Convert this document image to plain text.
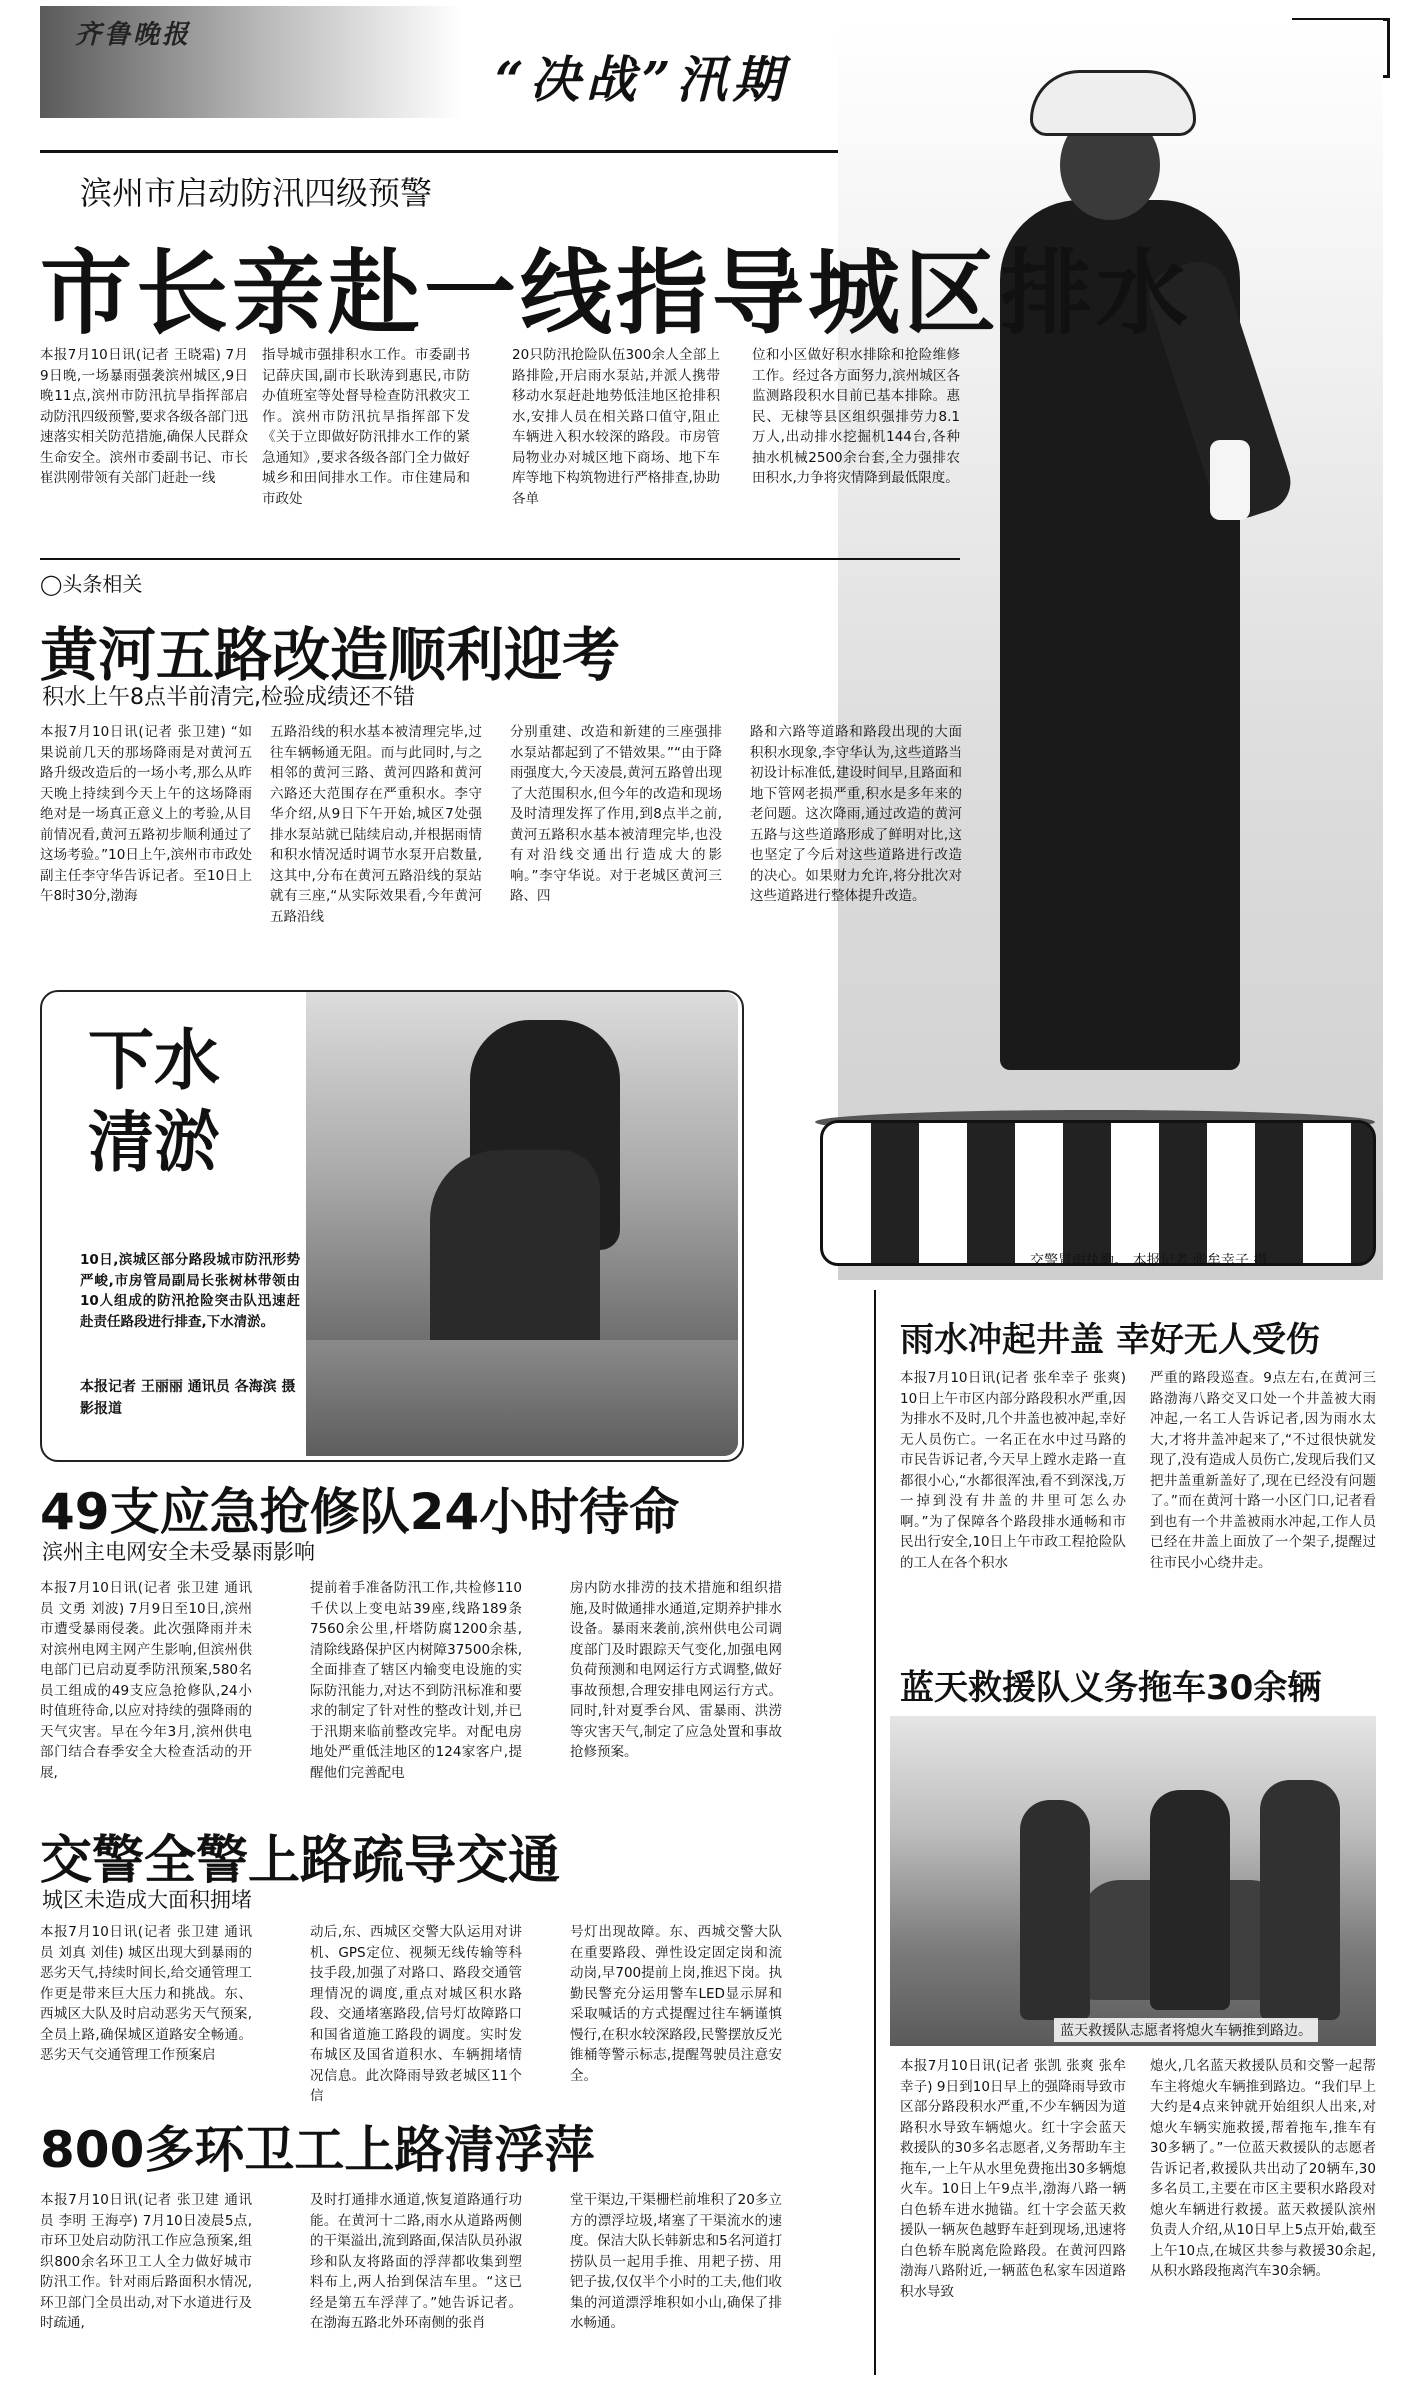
齐鲁晚报
“决战”汛期
交警冒雨执勤。 本报记者 张牟幸子 摄
滨州市启动防汛四级预警
市长亲赴一线指导城区排水
本报7月10日讯(记者 王晓霜) 7月9日晚,一场暴雨强袭滨州城区,9日晚11点,滨州市防汛抗旱指挥部启动防汛四级预警,要求各级各部门迅速落实相关防范措施,确保人民群众生命安全。滨州市委副书记、市长崔洪刚带领有关部门赶赴一线
指导城市强排积水工作。市委副书记薛庆国,副市长耿涛到惠民,市防办值班室等处督导检查防汛救灾工作。滨州市防汛抗旱指挥部下发《关于立即做好防汛排水工作的紧急通知》,要求各级各部门全力做好城乡和田间排水工作。市住建局和市政处
20只防汛抢险队伍300余人全部上路排险,开启雨水泵站,并派人携带移动水泵赶赴地势低洼地区抢排积水,安排人员在相关路口值守,阻止车辆进入积水较深的路段。市房管局物业办对城区地下商场、地下车库等地下构筑物进行严格排查,协助各单
位和小区做好积水排除和抢险维修工作。经过各方面努力,滨州城区各监测路段积水目前已基本排除。惠民、无棣等县区组织强排劳力8.1万人,出动排水挖掘机144台,各种抽水机械2500余台套,全力强排农田积水,力争将灾情降到最低限度。
◯头条相关
黄河五路改造顺利迎考
积水上午8点半前清完,检验成绩还不错
本报7月10日讯(记者 张卫建) “如果说前几天的那场降雨是对黄河五路升级改造后的一场小考,那么从昨天晚上持续到今天上午的这场降雨绝对是一场真正意义上的考验,从目前情况看,黄河五路初步顺利通过了这场考验。”10日上午,滨州市市政处副主任李守华告诉记者。至10日上午8时30分,渤海
五路沿线的积水基本被清理完毕,过往车辆畅通无阻。而与此同时,与之相邻的黄河三路、黄河四路和黄河六路还大范围存在严重积水。李守华介绍,从9日下午开始,城区7处强排水泵站就已陆续启动,并根据雨情和积水情况适时调节水泵开启数量,这其中,分布在黄河五路沿线的泵站就有三座,“从实际效果看,今年黄河五路沿线
分别重建、改造和新建的三座强排水泵站都起到了不错效果。”“由于降雨强度大,今天凌晨,黄河五路曾出现了大范围积水,但今年的改造和现场及时清理发挥了作用,到8点半之前,黄河五路积水基本被清理完毕,也没有对沿线交通出行造成大的影响。”李守华说。对于老城区黄河三路、四
路和六路等道路和路段出现的大面积积水现象,李守华认为,这些道路当初设计标准低,建设时间早,且路面和地下管网老损严重,积水是多年来的老问题。这次降雨,通过改造的黄河五路与这些道路形成了鲜明对比,这也坚定了今后对这些道路进行改造的决心。如果财力允许,将分批次对这些道路进行整体提升改造。
下水
清淤
10日,滨城区部分路段城市防汛形势严峻,市房管局副局长张树林带领由10人组成的防汛抢险突击队迅速赶赴责任路段进行排查,下水清淤。
本报记者 王丽丽 通讯员 各海滨 摄影报道
49支应急抢修队24小时待命
滨州主电网安全未受暴雨影响
本报7月10日讯(记者 张卫建 通讯员 文勇 刘波) 7月9日至10日,滨州市遭受暴雨侵袭。此次强降雨并未对滨州电网主网产生影响,但滨州供电部门已启动夏季防汛预案,580名员工组成的49支应急抢修队,24小时值班待命,以应对持续的强降雨的天气灾害。早在今年3月,滨州供电部门结合春季安全大检查活动的开展,
提前着手准备防汛工作,共检修110千伏以上变电站39座,线路189条7560余公里,杆塔防腐1200余基,清除线路保护区内树障37500余株,全面排查了辖区内输变电设施的实际防汛能力,对达不到防汛标准和要求的制定了针对性的整改计划,并已于汛期来临前整改完毕。对配电房地处严重低洼地区的124家客户,提醒他们完善配电
房内防水排涝的技术措施和组织措施,及时做通排水通道,定期养护排水设备。暴雨来袭前,滨州供电公司调度部门及时跟踪天气变化,加强电网负荷预测和电网运行方式调整,做好事故预想,合理安排电网运行方式。同时,针对夏季台风、雷暴雨、洪涝等灾害天气,制定了应急处置和事故抢修预案。
交警全警上路疏导交通
城区未造成大面积拥堵
本报7月10日讯(记者 张卫建 通讯员 刘真 刘佳) 城区出现大到暴雨的恶劣天气,持续时间长,给交通管理工作更是带来巨大压力和挑战。东、西城区大队及时启动恶劣天气预案,全员上路,确保城区道路安全畅通。恶劣天气交通管理工作预案启
动后,东、西城区交警大队运用对讲机、GPS定位、视频无线传输等科技手段,加强了对路口、路段交通管理情况的调度,重点对城区积水路段、交通堵塞路段,信号灯故障路口和国省道施工路段的调度。实时发布城区及国省道积水、车辆拥堵情况信息。此次降雨导致老城区11个信
号灯出现故障。东、西城交警大队在重要路段、弹性设定固定岗和流动岗,早700提前上岗,推迟下岗。执勤民警充分运用警车LED显示屏和采取喊话的方式提醒过往车辆谨慎慢行,在积水较深路段,民警摆放反光锥桶等警示标志,提醒驾驶员注意安全。
800多环卫工上路清浮萍
本报7月10日讯(记者 张卫建 通讯员 李明 王海亭) 7月10日凌晨5点,市环卫处启动防汛工作应急预案,组织800余名环卫工人全力做好城市防汛工作。针对雨后路面积水情况,环卫部门全员出动,对下水道进行及时疏通,
及时打通排水通道,恢复道路通行功能。在黄河十二路,雨水从道路两侧的干渠溢出,流到路面,保洁队员孙淑珍和队友将路面的浮萍都收集到塑料布上,两人抬到保洁车里。“这已经是第五车浮萍了。”她告诉记者。在渤海五路北外环南侧的张肖
堂干渠边,干渠栅栏前堆积了20多立方的漂浮垃圾,堵塞了干渠流水的速度。保洁大队长韩新忠和5名河道打捞队员一起用手推、用耙子捞、用钯子拔,仅仅半个小时的工夫,他们收集的河道漂浮堆积如小山,确保了排水畅通。
雨水冲起井盖 幸好无人受伤
本报7月10日讯(记者 张牟幸子 张爽) 10日上午市区内部分路段积水严重,因为排水不及时,几个井盖也被冲起,幸好无人员伤亡。一名正在水中过马路的市民告诉记者,今天早上蹚水走路一直都很小心,“水都很浑浊,看不到深浅,万一掉到没有井盖的井里可怎么办啊。”为了保障各个路段排水通畅和市民出行安全,10日上午市政工程抢险队的工人在各个积水
严重的路段巡查。9点左右,在黄河三路渤海八路交叉口处一个井盖被大雨冲起,一名工人告诉记者,因为雨水太大,才将井盖冲起来了,“不过很快就发现了,没有造成人员伤亡,发现后我们又把井盖重新盖好了,现在已经没有问题了。”而在黄河十路一小区门口,记者看到也有一个井盖被雨水冲起,工作人员已经在井盖上面放了一个架子,提醒过往市民小心绕井走。
蓝天救援队义务拖车30余辆
蓝天救援队志愿者将熄火车辆推到路边。
本报7月10日讯(记者 张凯 张爽 张牟幸子) 9日到10日早上的强降雨导致市区部分路段积水严重,不少车辆因为道路积水导致车辆熄火。红十字会蓝天救援队的30多名志愿者,义务帮助车主拖车,一上午从水里免费拖出30多辆熄火车。10日上午9点半,渤海八路一辆白色轿车进水抛锚。红十字会蓝天救援队一辆灰色越野车赶到现场,迅速将白色轿车脱离危险路段。在黄河四路渤海八路附近,一辆蓝色私家车因道路积水导致
熄火,几名蓝天救援队员和交警一起帮车主将熄火车辆推到路边。“我们早上大约是4点来钟就开始组织人出来,对熄火车辆实施救援,帮着拖车,推车有30多辆了。”一位蓝天救援队的志愿者告诉记者,救援队共出动了20辆车,30多名员工,主要在市区主要积水路段对熄火车辆进行救援。蓝天救援队滨州负责人介绍,从10日早上5点开始,截至上午10点,在城区共参与救援30余起,从积水路段拖离汽车30余辆。
